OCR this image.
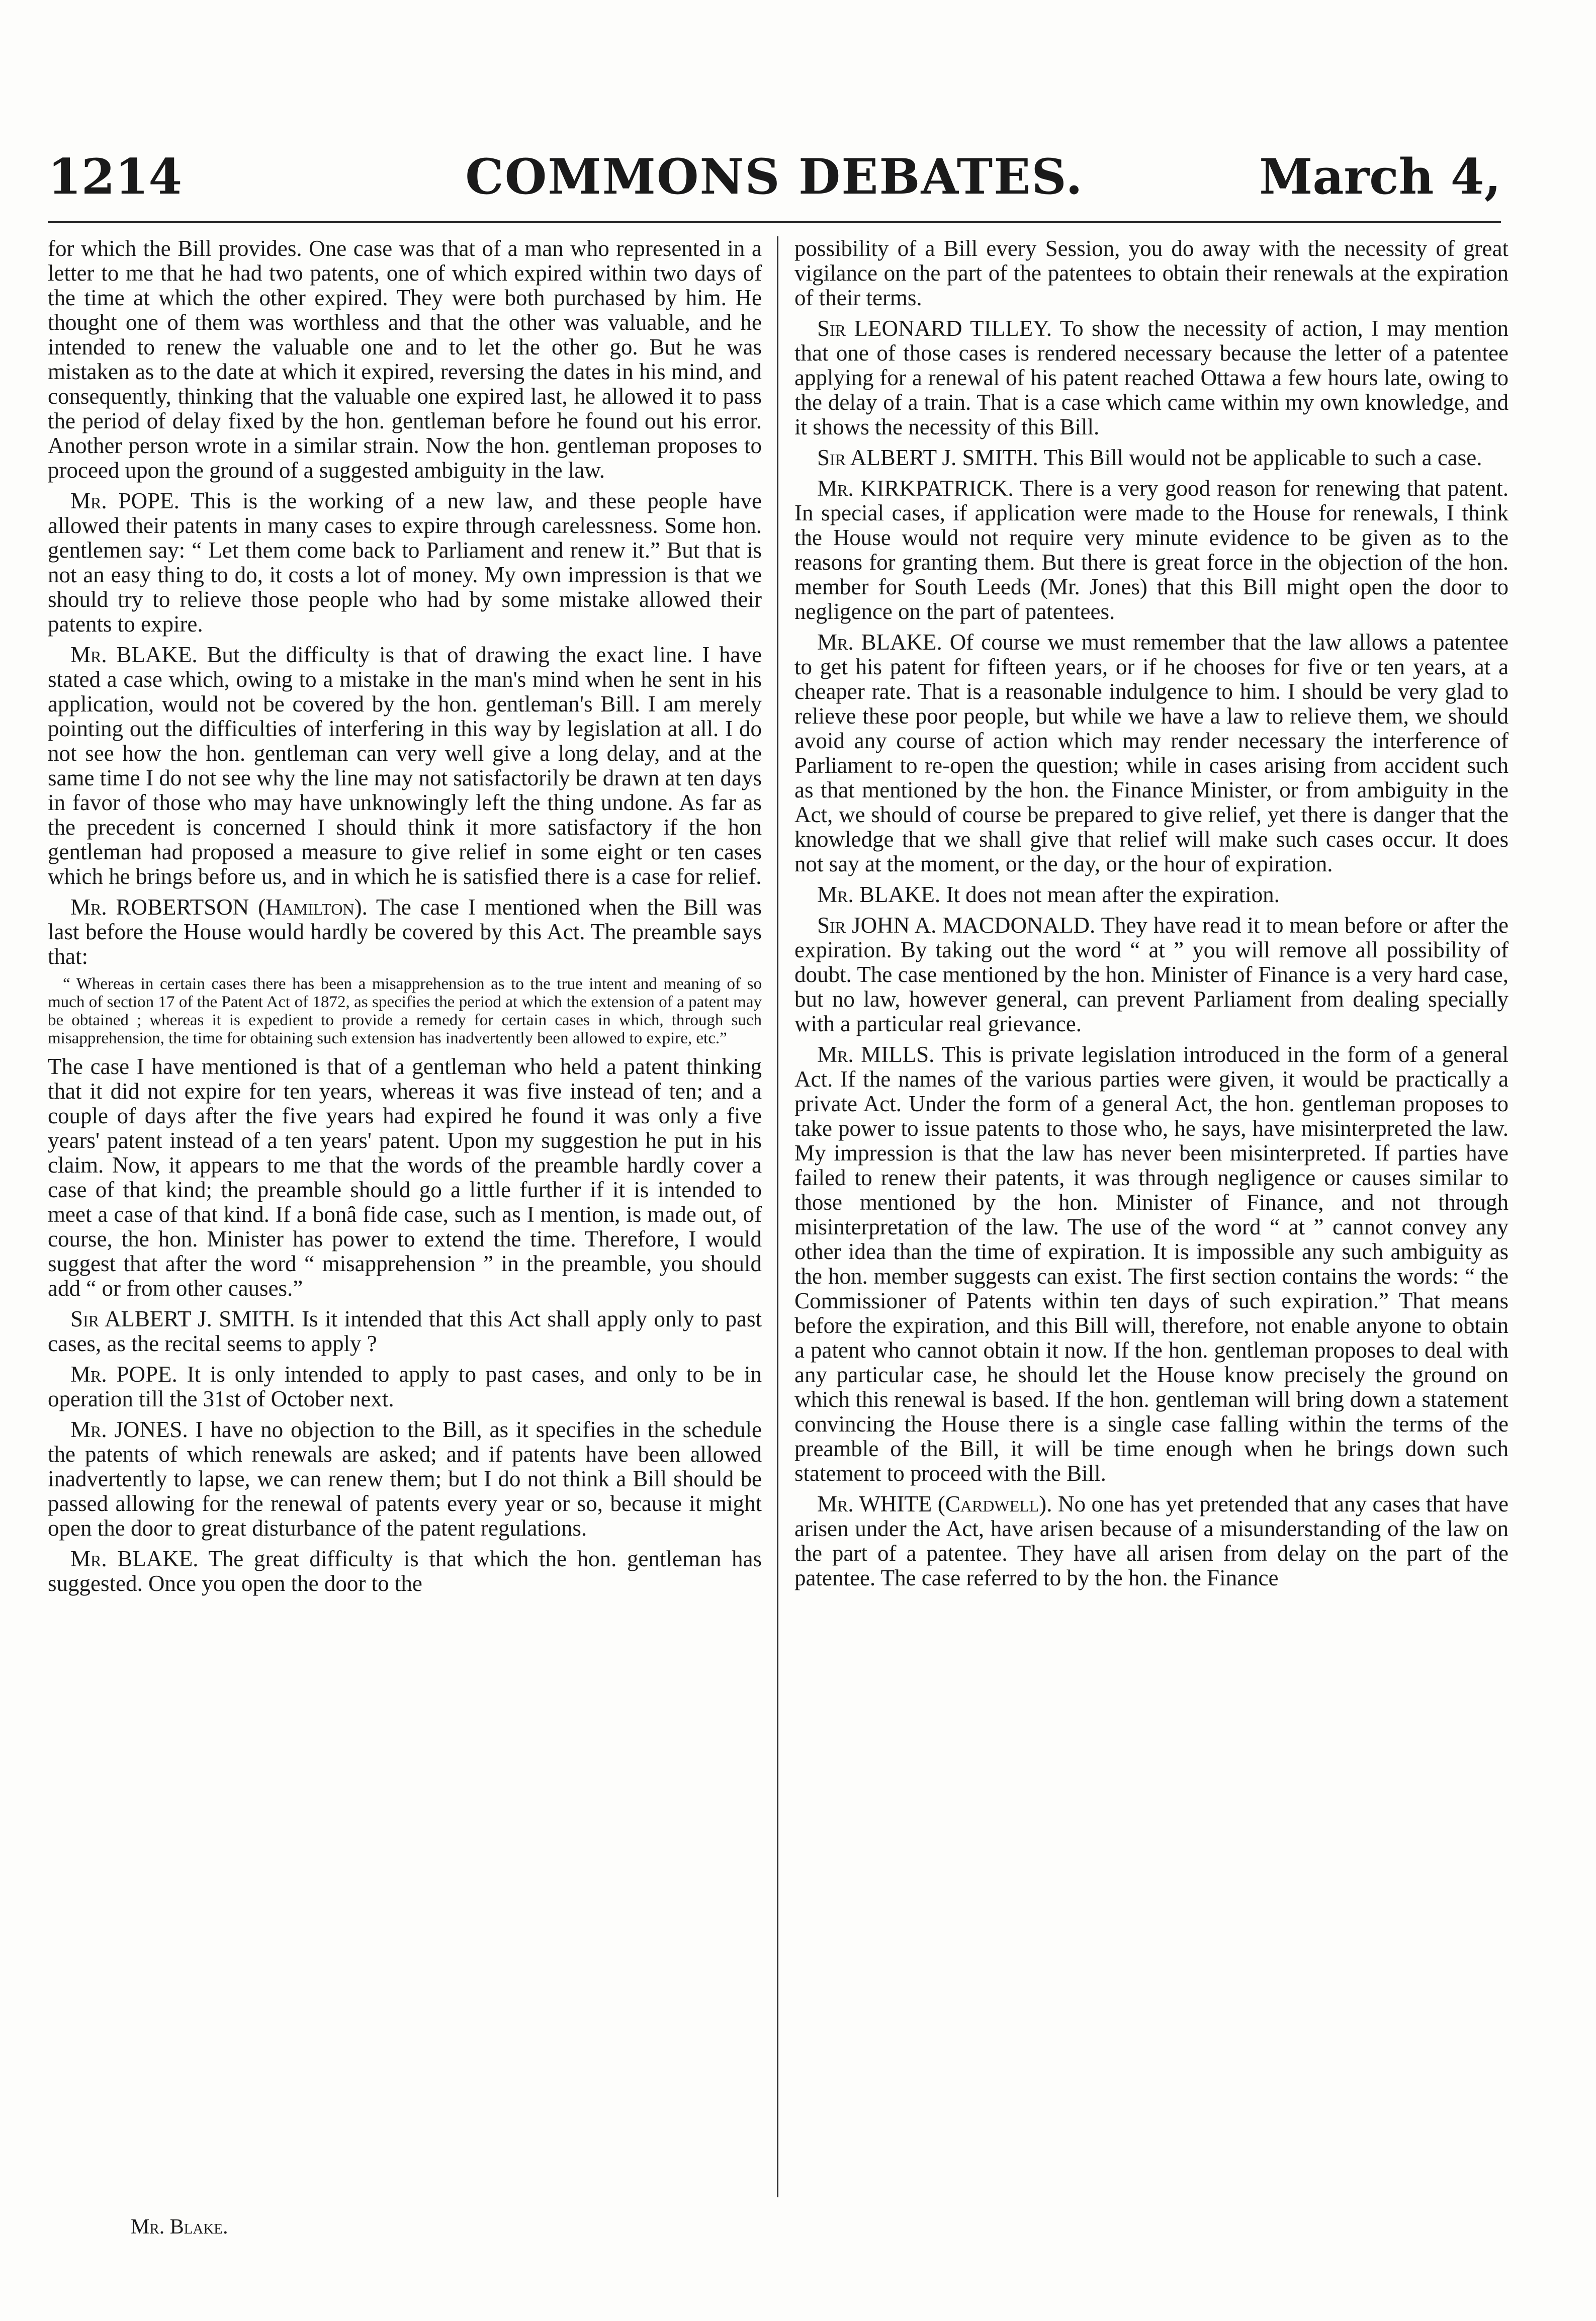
1214	COMMONS DEBATES.	March 4,

for which the Bill provides. One case was that of a man who represented in a letter to me that he had two patents, one of which expired within two days of the time at which the other expired. They were both purchased by him. He thought one of them was worthless and that the other was valuable, and he intended to renew the valuable one and to let the other go. But he was mistaken as to the date at which it expired, reversing the dates in his mind, and consequently, thinking that the valuable one expired last, he allowed it to pass the period of delay fixed by the hon. gentleman before he found out his error. Another person wrote in a similar strain. Now the hon. gentleman proposes to proceed upon the ground of a suggested ambiguity in the law.

Mr. POPE. This is the working of a new law, and these people have allowed their patents in many cases to expire through carelessness. Some hon. gentlemen say: “ Let them come back to Parliament and renew it.” But that is not an easy thing to do, it costs a lot of money. My own impression is that we should try to relieve those people who had by some mistake allowed their patents to expire.

Mr. BLAKE. But the difficulty is that of drawing the exact line. I have stated a case which, owing to a mistake in the man's mind when he sent in his application, would not be covered by the hon. gentleman's Bill. I am merely pointing out the difficulties of interfering in this way by legislation at all. I do not see how the hon. gentleman can very well give a long delay, and at the same time I do not see why the line may not satisfactorily be drawn at ten days in favor of those who may have unknowingly left the thing undone. As far as the precedent is concerned I should think it more satisfactory if the hon gentleman had proposed a measure to give relief in some eight or ten cases which he brings before us, and in which he is satisfied there is a case for relief.

Mr. ROBERTSON (Hamilton). The case I mentioned when the Bill was last before the House would hardly be covered by this Act. The preamble says that:

“ Whereas in certain cases there has been a misapprehension as to the true intent and meaning of so much of section 17 of the Patent Act of 1872, as specifies the period at which the extension of a patent may be obtained ; whereas it is expedient to provide a remedy for certain cases in which, through such misapprehension, the time for obtaining such extension has inadvertently been allowed to expire, etc.”

The case I have mentioned is that of a gentleman who held a patent thinking that it did not expire for ten years, whereas it was five instead of ten; and a couple of days after the five years had expired he found it was only a five years' patent instead of a ten years' patent. Upon my suggestion he put in his claim. Now, it appears to me that the words of the preamble hardly cover a case of that kind; the preamble should go a little further if it is intended to meet a case of that kind. If a bonâ fide case, such as I mention, is made out, of course, the hon. Minister has power to extend the time. Therefore, I would suggest that after the word “ misapprehension ” in the preamble, you should add “ or from other causes.”

Sir ALBERT J. SMITH. Is it intended that this Act shall apply only to past cases, as the recital seems to apply ?

Mr. POPE. It is only intended to apply to past cases, and only to be in operation till the 31st of October next.

Mr. JONES. I have no objection to the Bill, as it specifies in the schedule the patents of which renewals are asked; and if patents have been allowed inadvertently to lapse, we can renew them; but I do not think a Bill should be passed allowing for the renewal of patents every year or so, because it might open the door to great disturbance of the patent regulations.

Mr. BLAKE. The great difficulty is that which the hon. gentleman has suggested. Once you open the door to the

possibility of a Bill every Session, you do away with the necessity of great vigilance on the part of the patentees to obtain their renewals at the expiration of their terms.

Sir LEONARD TILLEY. To show the necessity of action, I may mention that one of those cases is rendered necessary because the letter of a patentee applying for a renewal of his patent reached Ottawa a few hours late, owing to the delay of a train. That is a case which came within my own knowledge, and it shows the necessity of this Bill.

Sir ALBERT J. SMITH. This Bill would not be applicable to such a case.

Mr. KIRKPATRICK. There is a very good reason for renewing that patent. In special cases, if application were made to the House for renewals, I think the House would not require very minute evidence to be given as to the reasons for granting them. But there is great force in the objection of the hon. member for South Leeds (Mr. Jones) that this Bill might open the door to negligence on the part of patentees.

Mr. BLAKE. Of course we must remember that the law allows a patentee to get his patent for fifteen years, or if he chooses for five or ten years, at a cheaper rate. That is a reasonable indulgence to him. I should be very glad to relieve these poor people, but while we have a law to relieve them, we should avoid any course of action which may render necessary the interference of Parliament to re-open the question; while in cases arising from accident such as that mentioned by the hon. the Finance Minister, or from ambiguity in the Act, we should of course be prepared to give relief, yet there is danger that the knowledge that we shall give that relief will make such cases occur. It does not say at the moment, or the day, or the hour of expiration.

Mr. BLAKE. It does not mean after the expiration.

Sir JOHN A. MACDONALD. They have read it to mean before or after the expiration. By taking out the word “ at ” you will remove all possibility of doubt. The case mentioned by the hon. Minister of Finance is a very hard case, but no law, however general, can prevent Parliament from dealing specially with a particular real grievance.

Mr. MILLS. This is private legislation introduced in the form of a general Act. If the names of the various parties were given, it would be practically a private Act. Under the form of a general Act, the hon. gentleman proposes to take power to issue patents to those who, he says, have misinterpreted the law. My impression is that the law has never been misinterpreted. If parties have failed to renew their patents, it was through negligence or causes similar to those mentioned by the hon. Minister of Finance, and not through misinterpretation of the law. The use of the word “ at ” cannot convey any other idea than the time of expiration. It is impossible any such ambiguity as the hon. member suggests can exist. The first section contains the words: “ the Commissioner of Patents within ten days of such expiration.” That means before the expiration, and this Bill will, therefore, not enable anyone to obtain a patent who cannot obtain it now. If the hon. gentleman proposes to deal with any particular case, he should let the House know precisely the ground on which this renewal is based. If the hon. gentleman will bring down a statement convincing the House there is a single case falling within the terms of the preamble of the Bill, it will be time enough when he brings down such statement to proceed with the Bill.

Mr. WHITE (Cardwell). No one has yet pretended that any cases that have arisen under the Act, have arisen because of a misunderstanding of the law on the part of a patentee. They have all arisen from delay on the part of the patentee. The case referred to by the hon. the Finance

Mr. Blake.
